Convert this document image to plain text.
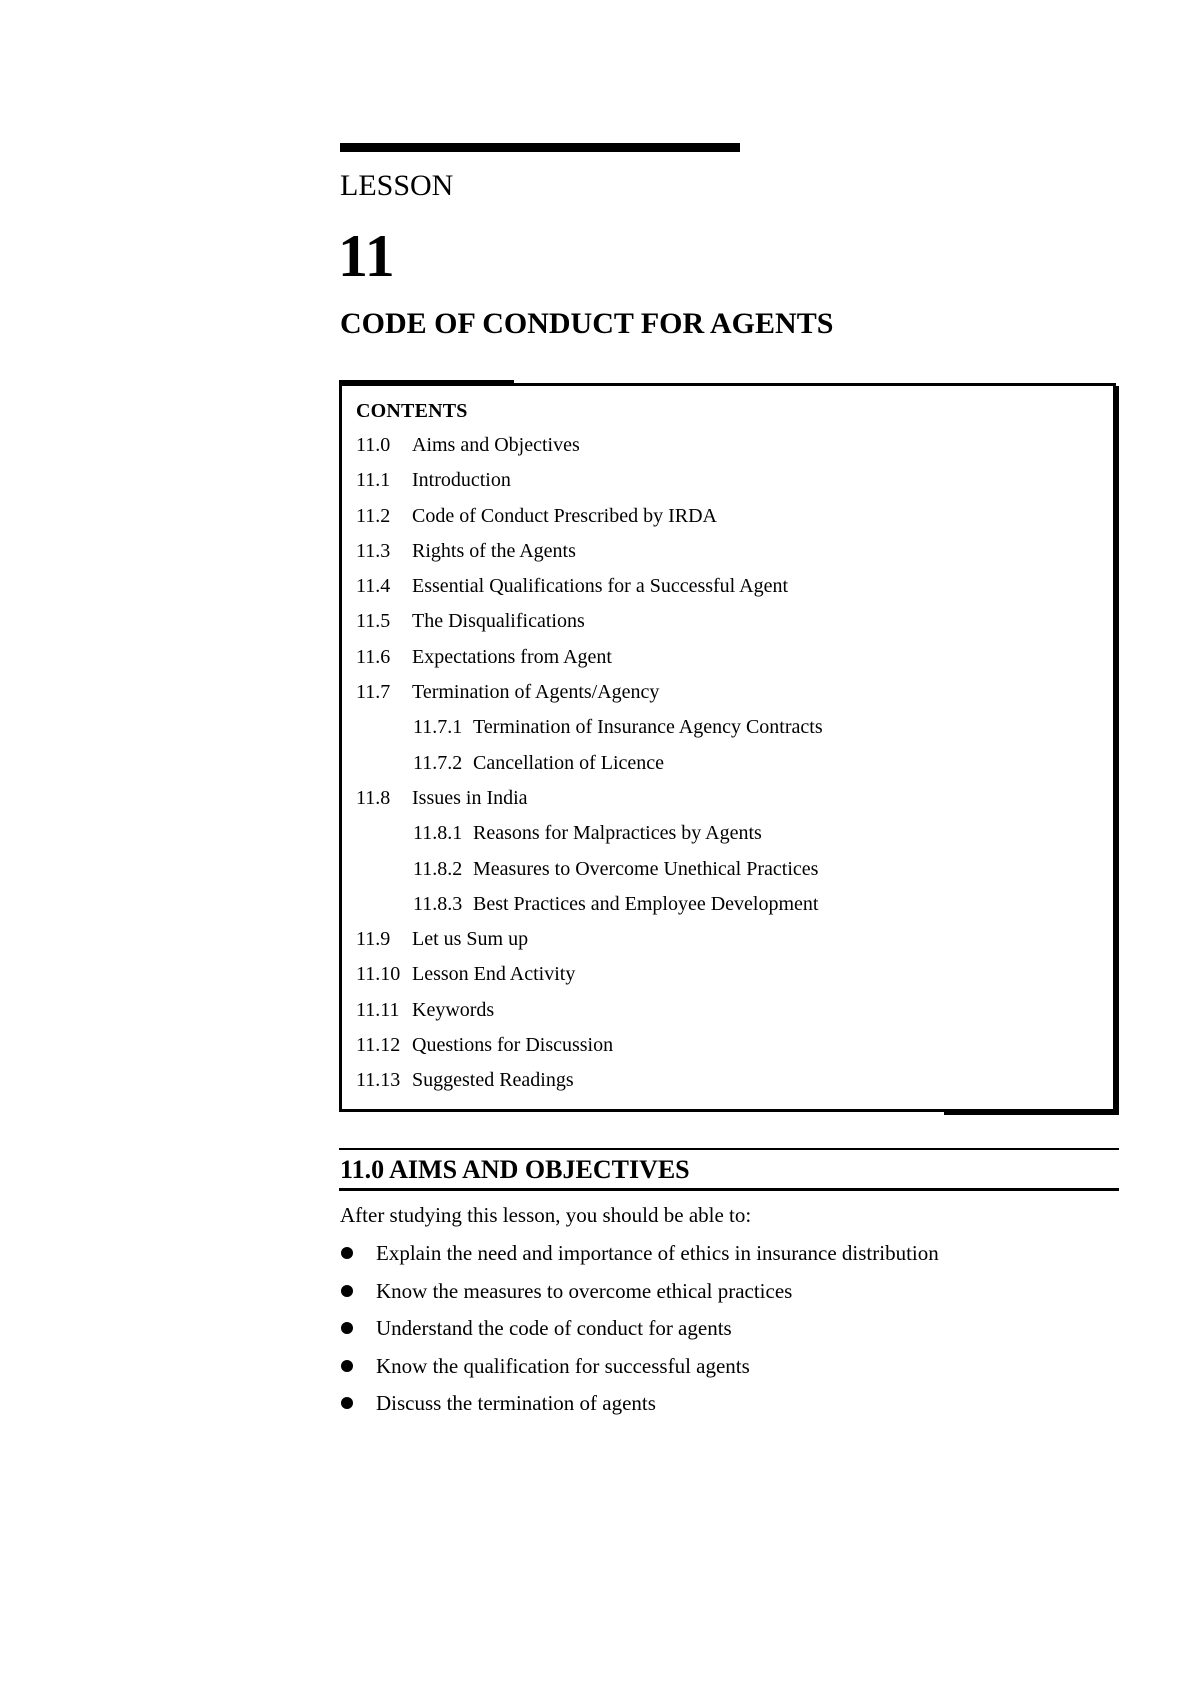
LESSON
11
CODE OF CONDUCT FOR AGENTS
CONTENTS
11.0 Aims and Objectives
11.1 Introduction
11.2 Code of Conduct Prescribed by IRDA
11.3 Rights of the Agents
11.4 Essential Qualifications for a Successful Agent
11.5 The Disqualifications
11.6 Expectations from Agent
11.7 Termination of Agents/Agency
11.7.1 Termination of Insurance Agency Contracts
11.7.2 Cancellation of Licence
11.8 Issues in India
11.8.1 Reasons for Malpractices by Agents
11.8.2 Measures to Overcome Unethical Practices
11.8.3 Best Practices and Employee Development
11.9 Let us Sum up
11.10 Lesson End Activity
11.11 Keywords
11.12 Questions for Discussion
11.13 Suggested Readings
11.0 AIMS AND OBJECTIVES
After studying this lesson, you should be able to:
Explain the need and importance of ethics in insurance distribution
Know the measures to overcome ethical practices
Understand the code of conduct for agents
Know the qualification for successful agents
Discuss the termination of agents
